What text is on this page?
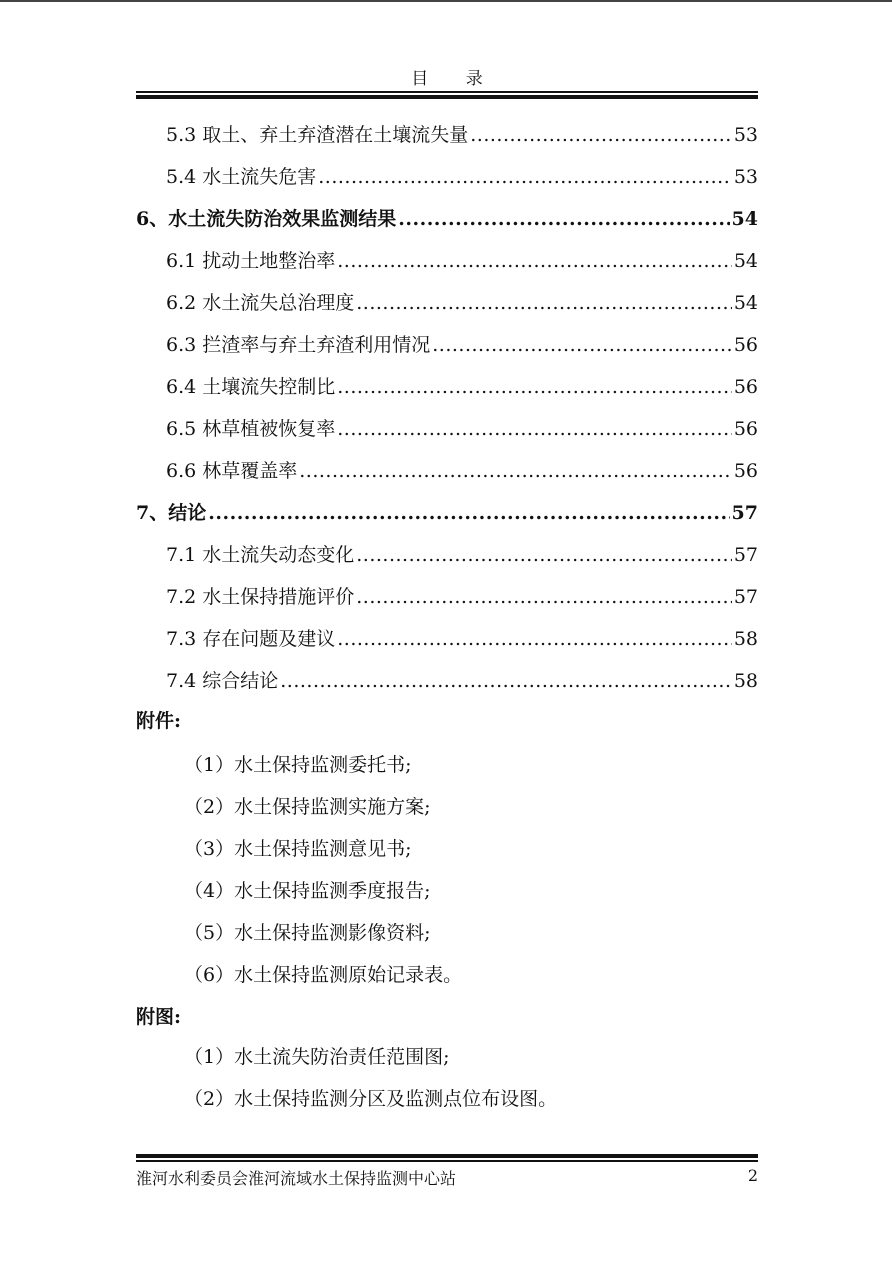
目 录
5.3 取土、弃土弃渣潜在土壤流失量 .....	53
5.4 水土流失危害 .....	53
6、水土流失防治效果监测结果 .....	54
6.1 扰动土地整治率 .....	54
6.2 水土流失总治理度 .....	54
6.3 拦渣率与弃土弃渣利用情况 .....	56
6.4 土壤流失控制比 .....	56
6.5 林草植被恢复率 .....	56
6.6 林草覆盖率 .....	56
7、结论 .....	57
7.1 水土流失动态变化 .....	57
7.2 水土保持措施评价 .....	57
7.3 存在问题及建议 .....	58
7.4 综合结论 .....	58
附件:
（1）水土保持监测委托书;
（2）水土保持监测实施方案;
（3）水土保持监测意见书;
（4）水土保持监测季度报告;
（5）水土保持监测影像资料;
（6）水土保持监测原始记录表。
附图:
（1）水土流失防治责任范围图;
（2）水土保持监测分区及监测点位布设图。
淮河水利委员会淮河流域水土保持监测中心站	2
